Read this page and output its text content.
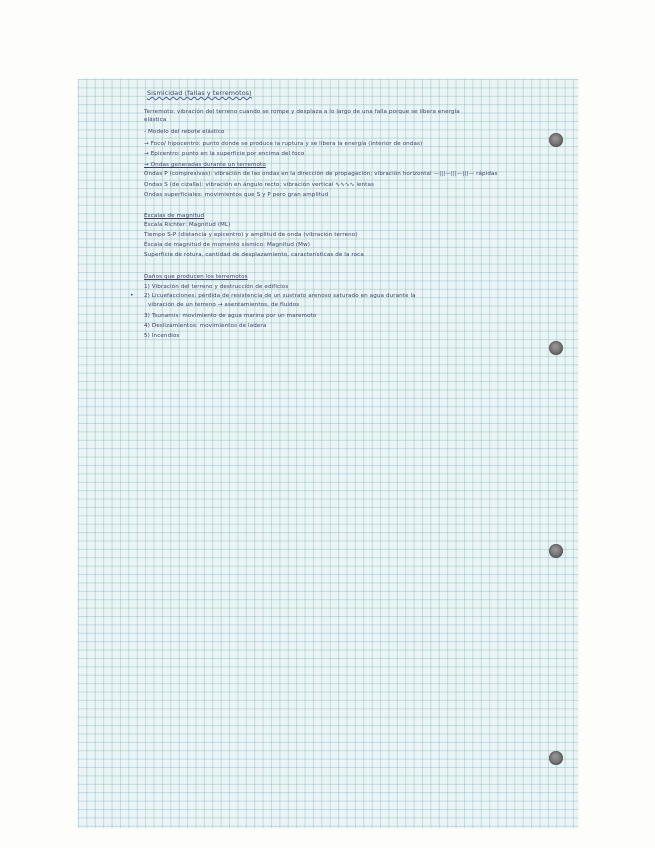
Sismicidad (fallas y terremotos)
Terremoto: vibración del terreno cuando se rompe y desplaza a lo largo de una falla porque se libera energía
elástica
- Modelo del rebote elástico
→ Foco/ hipocentro: punto donde se produce la ruptura y se libera la energía (interior de ondas)
→ Epicentro: punto en la superficie por encima del foco
→ Ondas generadas durante un terremoto
Ondas P (compresivas): vibración de las ondas en la dirección de propagación; vibración horizontal —|||—|||—|||— rápidas
Ondas S (de cizalla): vibración en ángulo recto; vibración vertical ∿∿∿∿ lentas
Ondas superficiales: movimientos que S y P pero gran amplitud
Escalas de magnitud
Escala Richter: Magnitud (ML)
Tiempo S-P (distancia y epicentro) y amplitud de onda (vibración terreno)
Escala de magnitud de momento sísmico: Magnitud (Mw)
Superficie de rotura, cantidad de desplazamiento, características de la roca
Daños que producen los terremotos
1) Vibración del terreno y destrucción de edificios
• 2) Licuefacciones: pérdida de resistencia de un sustrato arenoso saturado en agua durante la
vibración de un terreno → asentamientos, de fluidos
3) Tsunamis: movimiento de agua marina por un maremoto
4) Deslizamientos: movimientos de ladera
5) Incendios
